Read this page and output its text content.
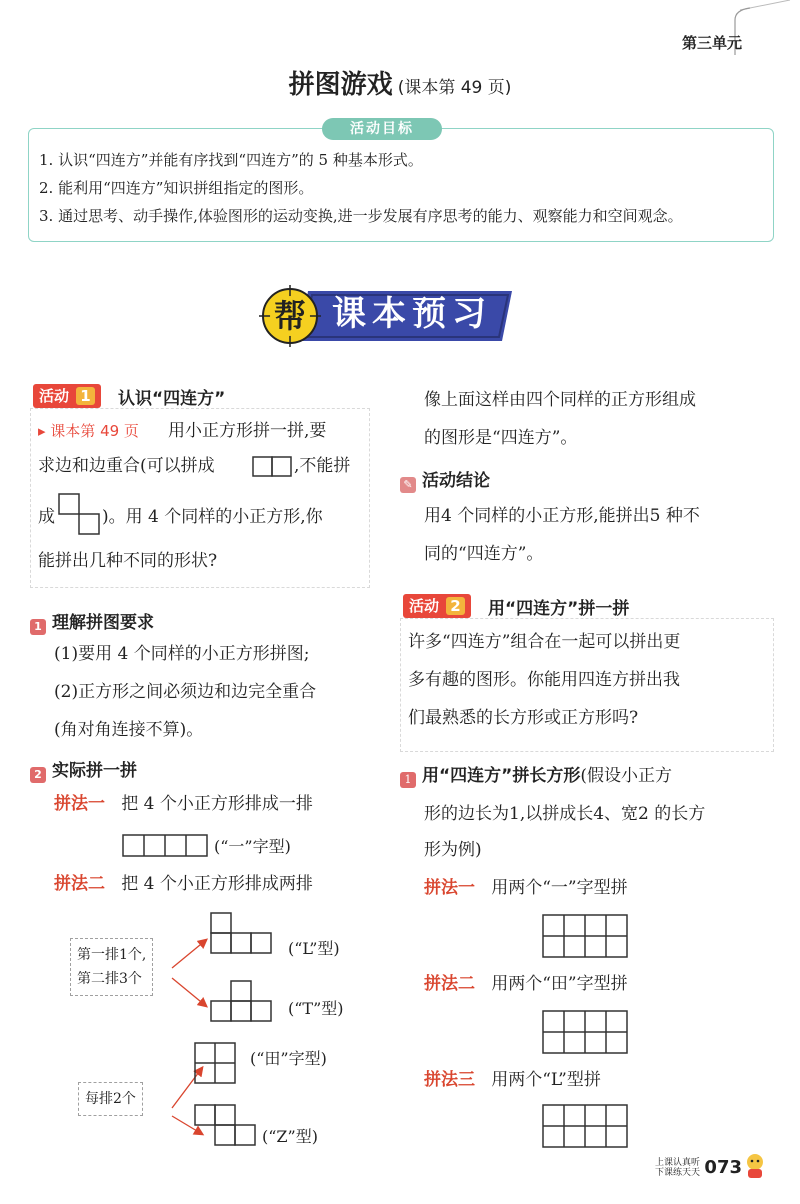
第三单元
拼图游戏 (课本第 49 页)
1. 认识“四连方”并能有序找到“四连方”的 5 种基本形式。
2. 能利用“四连方”知识拼组指定的图形。
3. 通过思考、动手操作,体验图形的运动变换,进一步发展有序思考的能力、观察能力和空间观念。
活动目标
帮 课本预习
活动 1	认识“四连方”
▸ 课本第 49 页 用小正方形拼一拼,要
求边和边重合(可以拼成	,不能拼
成	)。用 4 个同样的小正方形,你
能拼出几种不同的形状?
1 理解拼图要求
(1)要用 4 个同样的小正方形拼图;
(2)正方形之间必须边和边完全重合
(角对角连接不算)。
2 实际拼一拼
拼法一 把 4 个小正方形排成一排
(“一”字型)
拼法二 把 4 个小正方形排成两排
第一排1个,
第二排3个
每排2个
(“L”型)
(“T”型)
(“田”字型)
(“Z”型)
像上面这样由四个同样的正方形组成
的图形是“四连方”。
✎ 活动结论
用4 个同样的小正方形,能拼出5 种不
同的“四连方”。
活动 2	用“四连方”拼一拼
许多“四连方”组合在一起可以拼出更
多有趣的图形。你能用四连方拼出我
们最熟悉的长方形或正方形吗?
1 用“四连方”拼长方形(假设小正方
形的边长为1,以拼成长4、宽2 的长方
形为例)
拼法一 用两个“一”字型拼
拼法二 用两个“田”字型拼
拼法三 用两个“L”型拼
上课认真听
下课练天天 073
